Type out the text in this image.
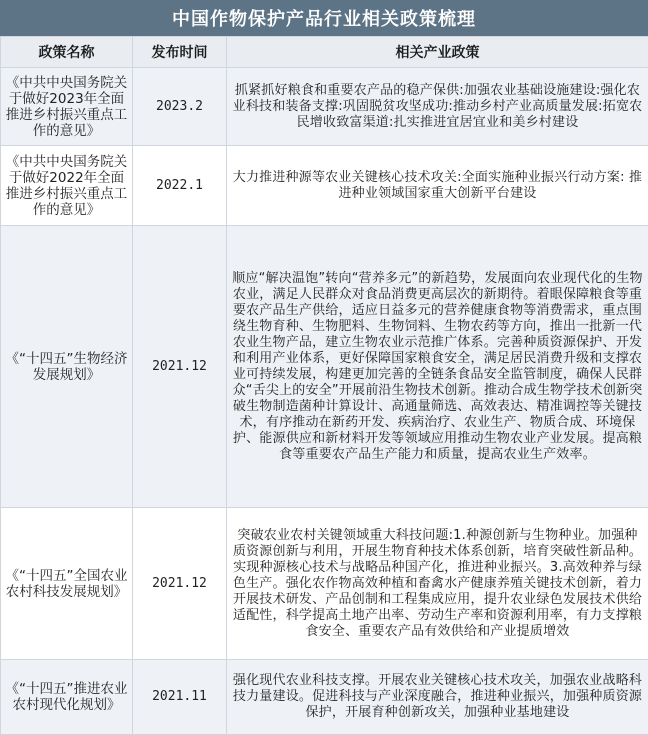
中国作物保护产品行业相关政策梳理
政策名称	发布时间	相关产业政策
《中共中央国务院关于做好2023年全面推进乡村振兴重点工作的意见》	2023.2	抓紧抓好粮食和重要农产品的稳产保供:加强农业基础设施建设:强化农业科技和装备支撑:巩固脱贫攻坚成功:推动乡村产业高质量发展:拓宽农民增收致富渠道:扎实推进宜居宜业和美乡村建设
《中共中央国务院关于做好2022年全面推进乡村振兴重点工作的意见》	2022.1	大力推进种源等农业关键核心技术攻关:全面实施种业振兴行动方案: 推进种业领域国家重大创新平台建设
《“十四五”生物经济发展规划》	2021.12	顺应“解决温饱”转向“营养多元”的新趋势，发展面向农业现代化的生物农业，满足人民群众对食品消费更高层次的新期待。着眼保障粮食等重要农产品生产供给，适应日益多元的营养健康食物等消费需求，重点围绕生物育种、生物肥料、生物饲料、生物农药等方向，推出一批新一代农业生物产品，建立生物农业示范推广体系。完善种质资源保护、开发和利用产业体系，更好保障国家粮食安全，满足居民消费升级和支撑农业可持续发展，构建更加完善的全链条食品安全监管制度，确保人民群众“舌尖上的安全”开展前沿生物技术创新。推动合成生物学技术创新突破生物制造菌种计算设计、高通量筛选、高效表达、精准调控等关键技术，有序推动在新药开发、疾病治疗、农业生产、物质合成、环境保护、能源供应和新材料开发等领域应用推动生物农业产业发展。提高粮食等重要农产品生产能力和质量，提高农业生产效率。
《“十四五”全国农业农村科技发展规划》	2021.12	突破农业农村关键领域重大科技问题:1.种源创新与生物种业。加强种质资源创新与利用，开展生物育种技术体系创新，培育突破性新品种。实现种源核心技术与战略品种国产化，推进种业振兴。3.高效种养与绿色生产。强化农作物高效种植和畜禽水产健康养殖关键技术创新，着力开展技术研发、产品创制和工程集成应用，提升农业绿色发展技术供给适配性，科学提高土地产出率、劳动生产率和资源利用率，有力支撑粮食安全、重要农产品有效供给和产业提质增效
《“十四五”推进农业农村现代化规划》	2021.11	强化现代农业科技支撑。开展农业关键核心技术攻关，加强农业战略科技力量建设。促进科技与产业深度融合，推进种业振兴，加强种质资源保护，开展育种创新攻关，加强种业基地建设
